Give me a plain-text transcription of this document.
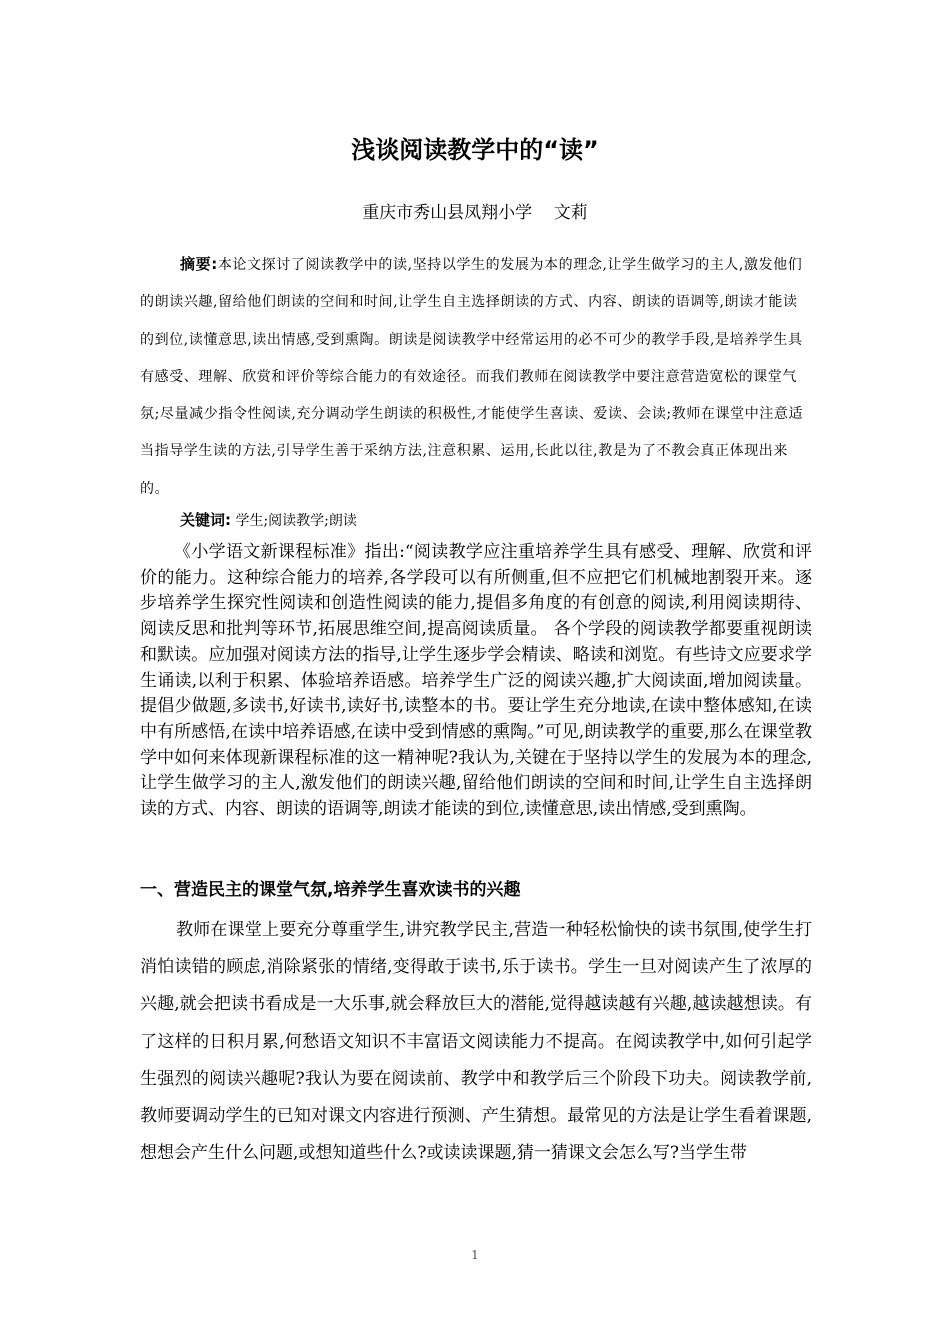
浅谈阅读教学中的“读”
重庆市秀山县凤翔小学    文莉
摘要:本论文探讨了阅读教学中的读,坚持以学生的发展为本的理念,让学生做学习的主人,激发他们的朗读兴趣,留给他们朗读的空间和时间,让学生自主选择朗读的方式、内容、朗读的语调等,朗读才能读的到位,读懂意思,读出情感,受到熏陶。朗读是阅读教学中经常运用的必不可少的教学手段,是培养学生具有感受、理解、欣赏和评价等综合能力的有效途径。而我们教师在阅读教学中要注意营造宽松的课堂气氛;尽量减少指令性阅读,充分调动学生朗读的积极性,才能使学生喜读、爱读、会读;教师在课堂中注意适当指导学生读的方法,引导学生善于采纳方法,注意积累、运用,长此以往,教是为了不教会真正体现出来的。
关键词: 学生;阅读教学;朗读
《小学语文新课程标准》指出:“阅读教学应注重培养学生具有感受、理解、欣赏和评价的能力。这种综合能力的培养,各学段可以有所侧重,但不应把它们机械地割裂开来。逐步培养学生探究性阅读和创造性阅读的能力,提倡多角度的有创意的阅读,利用阅读期待、阅读反思和批判等环节,拓展思维空间,提高阅读质量。 各个学段的阅读教学都要重视朗读和默读。应加强对阅读方法的指导,让学生逐步学会精读、略读和浏览。有些诗文应要求学生诵读,以利于积累、体验培养语感。培养学生广泛的阅读兴趣,扩大阅读面,增加阅读量。提倡少做题,多读书,好读书,读好书,读整本的书。要让学生充分地读,在读中整体感知,在读中有所感悟,在读中培养语感,在读中受到情感的熏陶。”可见,朗读教学的重要,那么在课堂教学中如何来体现新课程标准的这一精神呢?我认为,关键在于坚持以学生的发展为本的理念,让学生做学习的主人,激发他们的朗读兴趣,留给他们朗读的空间和时间,让学生自主选择朗读的方式、内容、朗读的语调等,朗读才能读的到位,读懂意思,读出情感,受到熏陶。
一、营造民主的课堂气氛,培养学生喜欢读书的兴趣
教师在课堂上要充分尊重学生,讲究教学民主,营造一种轻松愉快的读书氛围,使学生打消怕读错的顾虑,消除紧张的情绪,变得敢于读书,乐于读书。学生一旦对阅读产生了浓厚的兴趣,就会把读书看成是一大乐事,就会释放巨大的潜能,觉得越读越有兴趣,越读越想读。有了这样的日积月累,何愁语文知识不丰富语文阅读能力不提高。在阅读教学中,如何引起学生强烈的阅读兴趣呢?我认为要在阅读前、教学中和教学后三个阶段下功夫。阅读教学前,教师要调动学生的已知对课文内容进行预测、产生猜想。最常见的方法是让学生看着课题,想想会产生什么问题,或想知道些什么?或读读课题,猜一猜课文会怎么写?当学生带
1
